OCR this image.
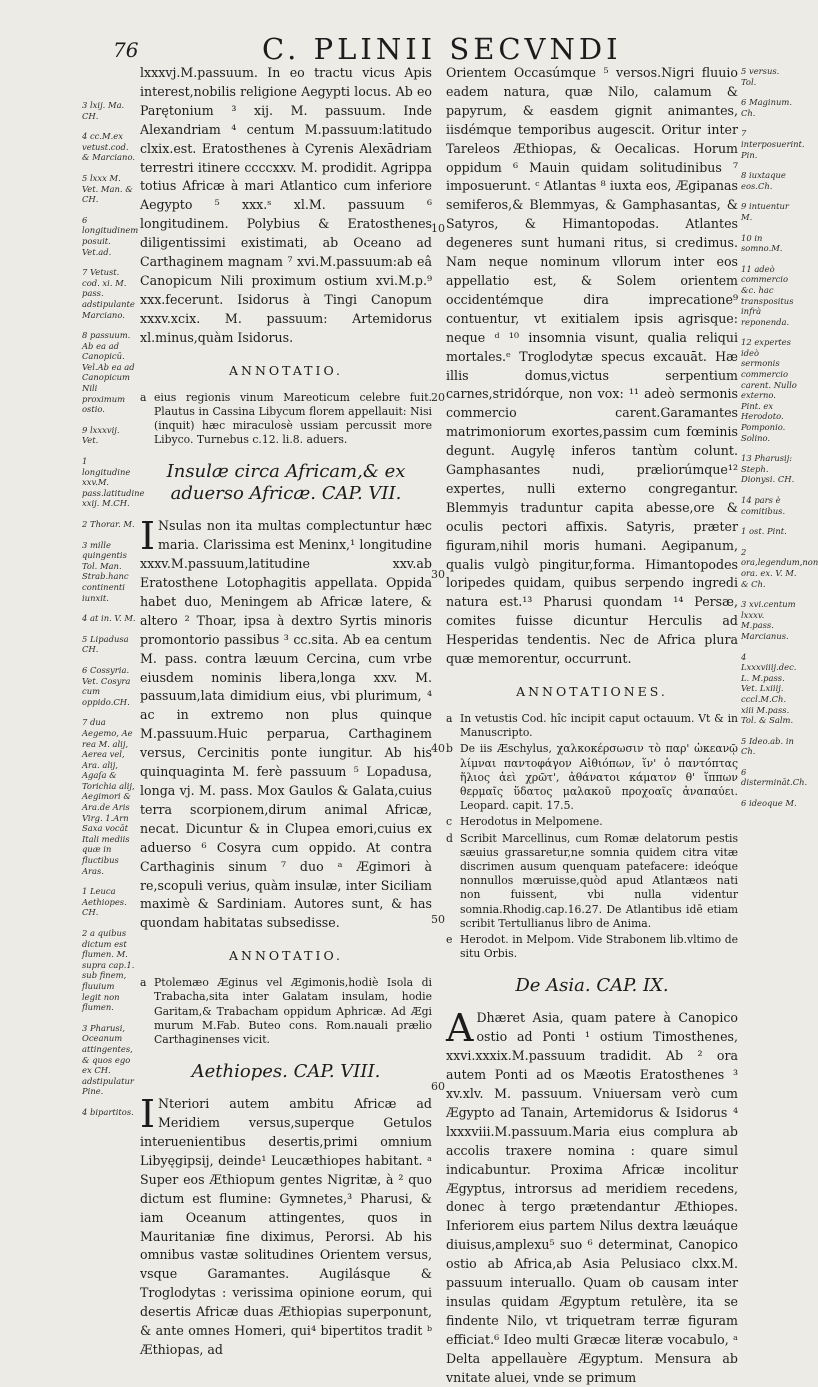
76	C. PLINII SECVNDI

lxxxvj.M.passuum. In eo tractu vicus Apis interest,nobilis religione Aegypti locus. Ab eo Parętonium ³ xij. M. passuum. Inde Alexandriam ⁴ centum M.passuum:latitudo clxix.est. Eratosthenes à Cyrenis Alexādriam terrestri itinere ccccxxv. M. prodidit. Agrippa totius Africæ à mari Atlantico cum inferiore Aegypto ⁵ xxx.ˢ xl.M. passuum ⁶ longitudinem. Polybius & Eratosthenes diligentissimi existimati, ab Oceano ad Carthaginem magnam ⁷ xvi.M.passuum:ab eâ Canopicum Nili proximum ostium xvi.M.p.⁹ xxx.fecerunt. Isidorus à Tingi Canopum xxxv.xcix. M. passuum: Artemidorus xl.minus,quàm Isidorus.

ANNOTATIO.
a eius regionis vinum Mareoticum celebre fuit. Plautus in Cassina Libycum florem appellauit: Nisi (inquit) hæc miraculosè ussiam percussit more Libyco. Turnebus c.12. li.8. aduers.
Insulæ circa Africam,& ex aduerso Africæ. CAP. VII.
I Nsulas non ita multas complectuntur hæc maria. Clarissima est Meninx,¹ longitudine xxxv.M.passuum,latitudine xxv.ab Eratosthene Lotophagitis appellata. Oppida habet duo, Meningem ab Africæ latere, & altero ² Thoar, ipsa à dextro Syrtis minoris promontorio passibus ³ cc.sita. Ab ea centum M. pass. contra læuum Cercina, cum vrbe eiusdem nominis libera,longa xxv. M. passuum,lata dimidium eius, vbi plurimum, ⁴ ac in extremo non plus quinque M.passuum.Huic perparua, Carthaginem versus, Cercinitis ponte iungitur. Ab his quinquaginta M. ferè passuum ⁵ Lopadusa, longa vj. M. pass. Mox Gaulos & Galata,cuius terra scorpionem,dirum animal Africæ, necat. Dicuntur & in Clupea emori,cuius ex aduerso ⁶ Cosyra cum oppido. At contra Carthaginis sinum ⁷ duo ᵃ Ægimori à re,scopuli verius, quàm insulæ, inter Siciliam maximè & Sardiniam. Autores sunt, & has quondam habitatas subsedisse.
ANNOTATIO.
a Ptolemæo Æginus vel Ægimonis,hodiè Isola di Trabacha,sita inter Galatam insulam, hodie Garitam,& Trabacham oppidum Aphricæ. Ad Ægi murum M.Fab. Buteo cons. Rom.nauali prælio Carthaginenses vicit.
Aethiopes. CAP. VIII.
I Nteriori autem ambitu Africæ ad Meridiem versus,superque Getulos interuenientibus desertis,primi omnium Libyęgipsij, deinde¹ Leucæthiopes habitant. ᵃ Super eos Æthiopum gentes Nigritæ, à ² quo dictum est flumine: Gymnetes,³ Pharusi, & iam Oceanum attingentes, quos in Mauritaniæ fine diximus, Perorsi. Ab his omnibus vastæ solitudines Orientem versus, vsque Garamantes. Augilásque & Troglodytas : verissima opinione eorum, qui desertis Africæ duas Æthiopias superponunt, & ante omnes Homeri, qui⁴ bipertitos tradit ᵇ Æthiopas, ad

Orientem Occasúmque ⁵ versos.Nigri fluuio eadem natura, quæ Nilo, calamum & papyrum, & easdem gignit animantes, iisdémque temporibus augescit. Oritur inter Tareleos Æthiopas, & Oecalicas. Horum oppidum ⁶ Mauin quidam solitudinibus ⁷ imposuerunt. ᶜ Atlantas ⁸ iuxta eos, Ægipanas semiferos,& Blemmyas, & Gamphasantas, & Satyros, & Himantopodas. Atlantes degeneres sunt humani ritus, si credimus. Nam neque nominum vllorum inter eos appellatio est, & Solem orientem occidentémque dira imprecatione⁹ contuentur, vt exitialem ipsis agrisque: neque ᵈ ¹⁰ insomnia visunt, qualia reliqui mortales.ᵉ Troglodytæ specus excauāt. Hæ illis domus,victus serpentium carnes,stridórque, non vox: ¹¹ adeò sermonis commercio carent.Garamantes matrimoniorum exortes,passim cum fœminis degunt. Augylę inferos tantùm colunt. Gamphasantes nudi, præliorúmque¹² expertes, nulli externo congregantur. Blemmyis traduntur capita abesse,ore & oculis pectori affixis. Satyris, præter figuram,nihil moris humani. Aegipanum, qualis vulgò pingitur,forma. Himantopodes loripedes quidam, quibus serpendo ingredi natura est.¹³ Pharusi quondam ¹⁴ Persæ, comites fuisse dicuntur Herculis ad Hesperidas tendentis. Nec de Africa plura quæ memorentur, occurrunt.

ANNOTATIONES.
a In vetustis Cod. hîc incipit caput octauum. Vt & in Manuscripto.
b De iis Æschylus, χαλκοκέρσωσιν τὸ παρ' ὠκεανῷ λίμναι παντοφάγον Αἰθιόπων, ἵν' ὁ παντόπτας ἥλιος ἀεὶ χρῶτ', ἀθάνατοι κάματον θ' ἵππων θερμαῖς ὕδατος μαλακοῦ προχοαῖς ἀναπαύει. Leopard. capit. 17.5.
c Herodotus in Melpomene.
d Scribit Marcellinus, cum Romæ delatorum pestis sæuius grassaretur,ne somnia quidem citra vitæ discrimen ausum quenquam patefacere: ideóque nonnullos mœruisse,quòd apud Atlantæos nati non fuissent, vbi nulla videntur somnia.Rhodig.cap.16.27. De Atlantibus idē etiam scribit Tertullianus libro de Anima.
e Herodot. in Melpom. Vide Strabonem lib.vltimo de situ Orbis.
De Asia. CAP. IX.
A Dhæret Asia, quam patere à Canopico ostio ad Ponti ¹ ostium Timosthenes, xxvi.xxxix.M.passuum tradidit. Ab ² ora autem Ponti ad os Mæotis Eratosthenes ³ xv.xlv. M. passuum. Vniuersam verò cum Ægypto ad Tanain, Artemidorus & Isidorus ⁴ lxxxviii.M.passuum.Maria eius complura ab accolis traxere nomina : quare simul indicabuntur. Proxima Africæ incolitur Ægyptus, introrsus ad meridiem recedens, donec à tergo prætendantur Æthiopes. Inferiorem eius partem Nilus dextra læuáque diuisus,amplexu⁵ suo ⁶ determinat, Canopico ostio ab Africa,ab Asia Pelusiaco clxx.M. passuum interuallo. Quam ob causam inter insulas quidam Ægyptum retulère, ita se findente Nilo, vt triquetram terræ figuram efficiat.⁶ Ideo multi Græcæ literæ vocabulo, ᵃ Delta appellauère Ægyptum. Mensura ab vnitate aluei, vnde se primum
3 lxij. Ma. CH.
4 cc.M.ex vetust.cod. & Marciano.
5 lxxx M. Vet. Man. & CH.
6 longitudinem posuit. Vet.ad.
7 Vetust. cod. xi. M. pass. adstipulante Marciano.
8 passuum. Ab ea ad Canopicū. Vel.Ab ea ad Canopicum Nili proximum ostio.
9 lxxxvij. Vet.
1 longitudine xxv.M. pass.latitudine xxij. M.CH.
2 Thorar. M.
3 mille quingentis Tol. Man. Strab.hanc continenti iunxit.
4 at in. V. M.
5 Lipadusa CH.
6 Cossyria. Vet. Cosyra cum oppido.CH.
7 dua Aegemo, Ae rea M. alij, Aerea vel, Ara. alij, Agaſa & Torichia alij, Aegimori & Ara.de Aris Virg. 1.Arn Saxa vocāt Itali mediis quæ in fluctibus Aras.
1 Leuca Aethiopes. CH.
2 a quibus dictum est flumen. M. supra cap.1. sub finem, fluuium legit non flumen.
3 Pharusi, Oceanum attingentes, & quos ego ex CH. adstipulatur Pine.
4 bipartitos.
5 versus. Tol.
6 Maginum. Ch.
7 interposuerint. Pin.
8 iuxtaque eos.Ch.
9 intuentur M.
10 in somno.M.
11 adeò commercio &c. hac transpositus infrà reponenda.
12 expertes ideò sermonis commercio carent. Nullo externo. Pint. ex Herodoto. Pomponio. Solino.
13 Pharusij: Steph. Dionysi. CH.
14 pars è comitibus.
1 ost. Pint.
2 ora,legendum,non ora. ex. V. M. & Ch.
3 xvi.centum lxxxv. M.pass. Marcianus.
4 Lxxxviiij.dec. L. M.pass. Vet. Lxiiij. cccl.M.Ch. xiii M.pass. Tol. & Salm.
5 Ideo.ab. in Ch.
6 distermināt.Ch.
6 ideoque M.
10
20
30
40
50
60
